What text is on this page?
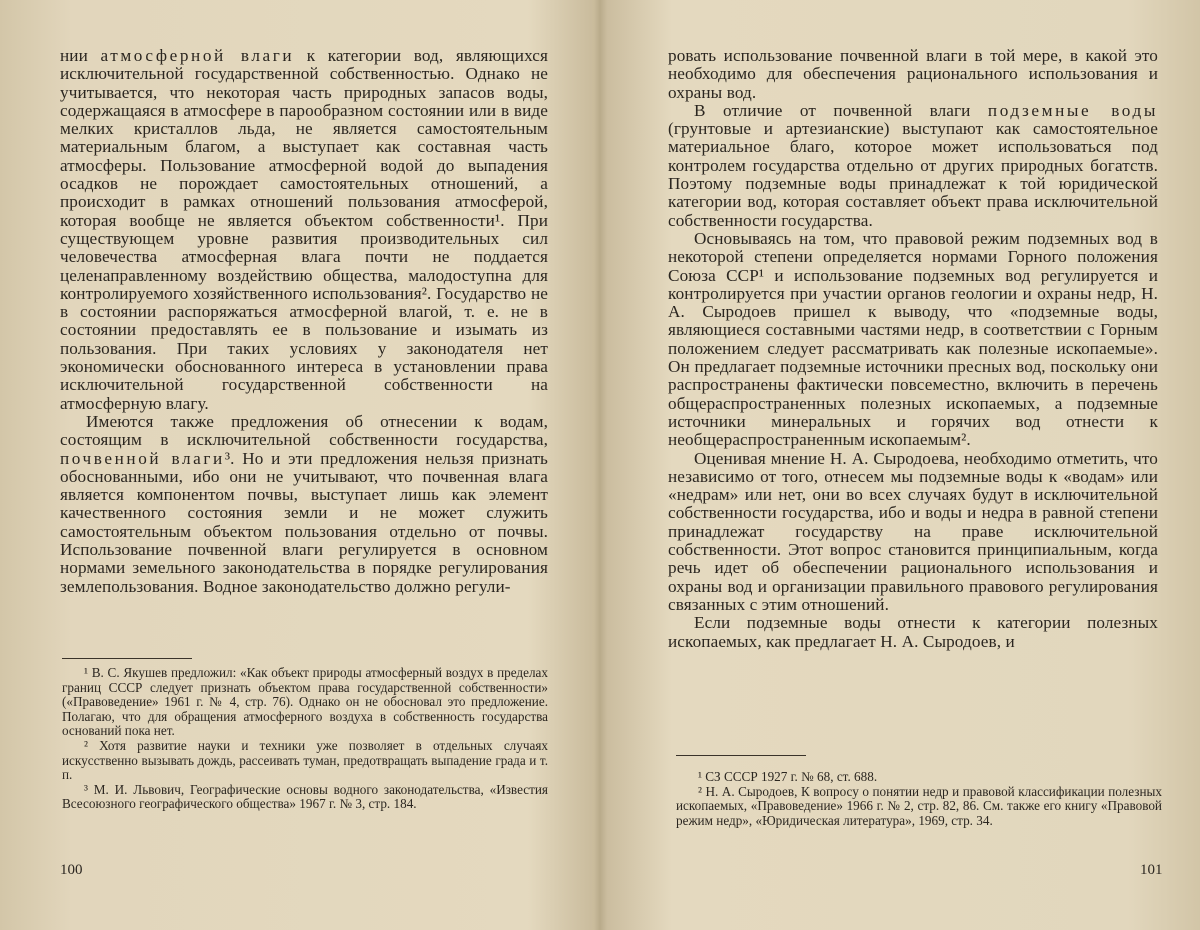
нии атмосферной влаги к категории вод, являющихся исключительной государственной собственностью. Однако не учитывается, что некоторая часть природных запасов воды, содержащаяся в атмосфере в парообразном состоянии или в виде мелких кристаллов льда, не является самостоятельным материальным благом, а выступает как составная часть атмосферы. Пользование атмосферной водой до выпадения осадков не порождает самостоятельных отношений, а происходит в рамках отношений пользования атмосферой, которая вообще не является объектом собственности¹. При существующем уровне развития производительных сил человечества атмосферная влага почти не поддается целенаправленному воздействию общества, малодоступна для контролируемого хозяйственного использования². Государство не в состоянии распоряжаться атмосферной влагой, т. е. не в состоянии предоставлять ее в пользование и изымать из пользования. При таких условиях у законодателя нет экономически обоснованного интереса в установлении права исключительной государственной собственности на атмосферную влагу.

Имеются также предложения об отнесении к водам, состоящим в исключительной собственности государства, почвенной влаги³. Но и эти предложения нельзя признать обоснованными, ибо они не учитывают, что почвенная влага является компонентом почвы, выступает лишь как элемент качественного состояния земли и не может служить самостоятельным объектом пользования отдельно от почвы. Использование почвенной влаги регулируется в основном нормами земельного законодательства в порядке регулирования землепользования. Водное законодательство должно регули-

¹ В. С. Якушев предложил: «Как объект природы атмосферный воздух в пределах границ СССР следует признать объектом права государственной собственности» («Правоведение» 1961 г. № 4, стр. 76). Однако он не обосновал это предложение. Полагаю, что для обращения атмосферного воздуха в собственность государства оснований пока нет.

² Хотя развитие науки и техники уже позволяет в отдельных случаях искусственно вызывать дождь, рассеивать туман, предотвращать выпадение града и т. п.

³ М. И. Львович, Географические основы водного законодательства, «Известия Всесоюзного географического общества» 1967 г. № 3, стр. 184.

100

ровать использование почвенной влаги в той мере, в какой это необходимо для обеспечения рационального использования и охраны вод.

В отличие от почвенной влаги подземные воды (грунтовые и артезианские) выступают как самостоятельное материальное благо, которое может использоваться под контролем государства отдельно от других природных богатств. Поэтому подземные воды принадлежат к той юридической категории вод, которая составляет объект права исключительной собственности государства.

Основываясь на том, что правовой режим подземных вод в некоторой степени определяется нормами Горного положения Союза ССР¹ и использование подземных вод регулируется и контролируется при участии органов геологии и охраны недр, Н. А. Сыродоев пришел к выводу, что «подземные воды, являющиеся составными частями недр, в соответствии с Горным положением следует рассматривать как полезные ископаемые». Он предлагает подземные источники пресных вод, поскольку они распространены фактически повсеместно, включить в перечень общераспространенных полезных ископаемых, а подземные источники минеральных и горячих вод отнести к необщераспространенным ископаемым².

Оценивая мнение Н. А. Сыродоева, необходимо отметить, что независимо от того, отнесем мы подземные воды к «водам» или «недрам» или нет, они во всех случаях будут в исключительной собственности государства, ибо и воды и недра в равной степени принадлежат государству на праве исключительной собственности. Этот вопрос становится принципиальным, когда речь идет об обеспечении рационального использования и охраны вод и организации правильного правового регулирования связанных с этим отношений.

Если подземные воды отнести к категории полезных ископаемых, как предлагает Н. А. Сыродоев, и

¹ СЗ СССР 1927 г. № 68, ст. 688.

² Н. А. Сыродоев, К вопросу о понятии недр и правовой классификации полезных ископаемых, «Правоведение» 1966 г. № 2, стр. 82, 86. См. также его книгу «Правовой режим недр», «Юридическая литература», 1969, стр. 34.

101
